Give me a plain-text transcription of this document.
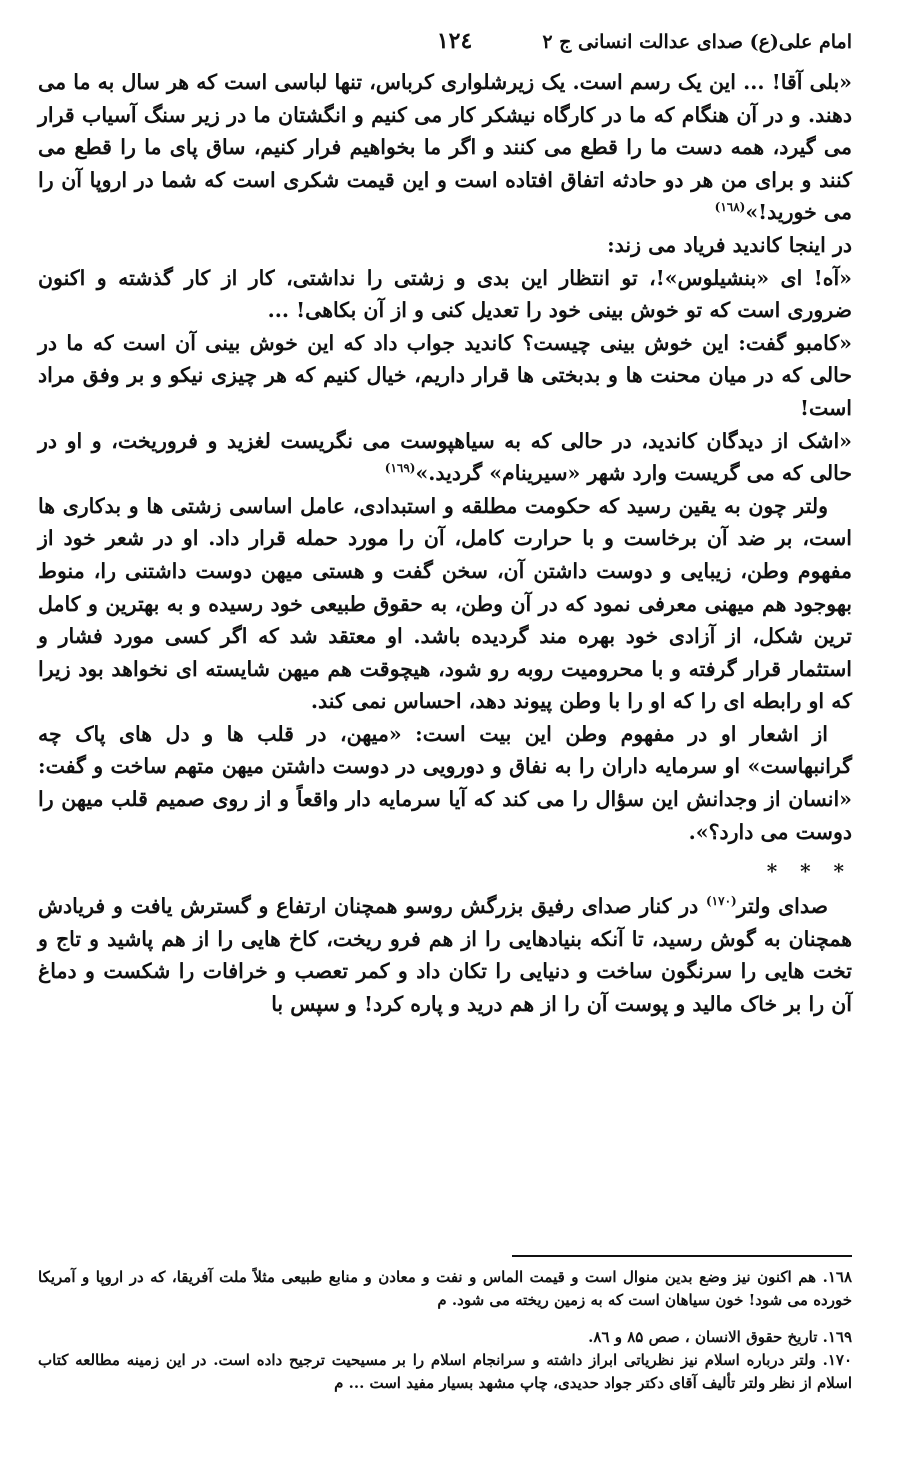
امام علی(ع) صدای عدالت انسانی ج ۲
۱۲٤

«بلی آقا! ... این یک رسم است. یک زیرشلواری کرباس، تنها لباسی است که هر سال به ما می دهند. و در آن هنگام که ما در کارگاه نیشکر کار می کنیم و انگشتان ما در زیر سنگ آسیاب قرار می گیرد، همه دست ما را قطع می کنند و اگر ما بخواهیم فرار کنیم، ساق پای ما را قطع می کنند و برای من هر دو حادثه اتفاق افتاده است و این قیمت شکری است که شما در اروپا آن را می خورید!»$^{(۱٦۸)}$

در اینجا کاندید فریاد می زند:

«آه! ای «بنشیلوس»!، تو انتظار این بدی و زشتی را نداشتی، کار از کار گذشته و اکنون ضروری است که تو خوش بینی خود را تعدیل کنی و از آن بکاهی! ...

«کامبو گفت: این خوش بینی چیست؟ کاندید جواب داد که این خوش بینی آن است که ما در حالی که در میان محنت ها و بدبختی ها قرار داریم، خیال کنیم که هر چیزی نیکو و بر وفق مراد است!

«اشک از دیدگان کاندید، در حالی که به سیاهپوست می نگریست لغزید و فروریخت، و او در حالی که می گریست وارد شهر «سیرینام» گردید.»$^{(۱٦۹)}$

ولتر چون به یقین رسید که حکومت مطلقه و استبدادی، عامل اساسی زشتی ها و بدکاری ها است، بر ضد آن برخاست و با حرارت کامل، آن را مورد حمله قرار داد. او در شعر خود از مفهوم وطن، زیبایی و دوست داشتن آن، سخن گفت و هستی میهن دوست داشتنی را، منوط بهوجود هم میهنی معرفی نمود که در آن وطن، به حقوق طبیعی خود رسیده و به بهترین و کامل ترین شکل، از آزادی خود بهره مند گردیده باشد. او معتقد شد که اگر کسی مورد فشار و استثمار قرار گرفته و با محرومیت روبه رو شود، هیچوقت هم میهن شایسته ای نخواهد بود زیرا که او رابطه ای را که او را با وطن پیوند دهد، احساس نمی کند.

از اشعار او در مفهوم وطن این بیت است: «میهن، در قلب ها و دل های پاک چه گرانبهاست» او سرمایه داران را به نفاق و دورویی در دوست داشتن میهن متهم ساخت و گفت: «انسان از وجدانش این سؤال را می کند که آیا سرمایه دار واقعاً و از روی صمیم قلب میهن را دوست می دارد؟».

* * *

صدای ولتر$^{(۱۷۰)}$ در کنار صدای رفیق بزرگش روسو همچنان ارتفاع و گسترش یافت و فریادش همچنان به گوش رسید، تا آنکه بنیادهایی را از هم فرو ریخت، کاخ هایی را از هم پاشید و تاج و تخت هایی را سرنگون ساخت و دنیایی را تکان داد و کمر تعصب و خرافات را شکست و دماغ آن را بر خاک مالید و پوست آن را از هم درید و پاره کرد! و سپس با

۱٦۸. هم اکنون نیز وضع بدین منوال است و قیمت الماس و نفت و معادن و منابع طبیعی مثلاً ملت آفریقا، که در اروپا و آمریکا خورده می شود! خون سیاهان است که به زمین ریخته می شود. م

۱٦۹. تاریخ حقوق الانسان ، صص ۸۵ و ۸٦.

۱۷۰. ولتر درباره اسلام نیز نظریاتی ابراز داشته و سرانجام اسلام را بر مسیحیت ترجیح داده است. در این زمینه مطالعه کتاب اسلام از نظر ولتر تألیف آقای دکتر جواد حدیدی، چاپ مشهد بسیار مفید است ... م
